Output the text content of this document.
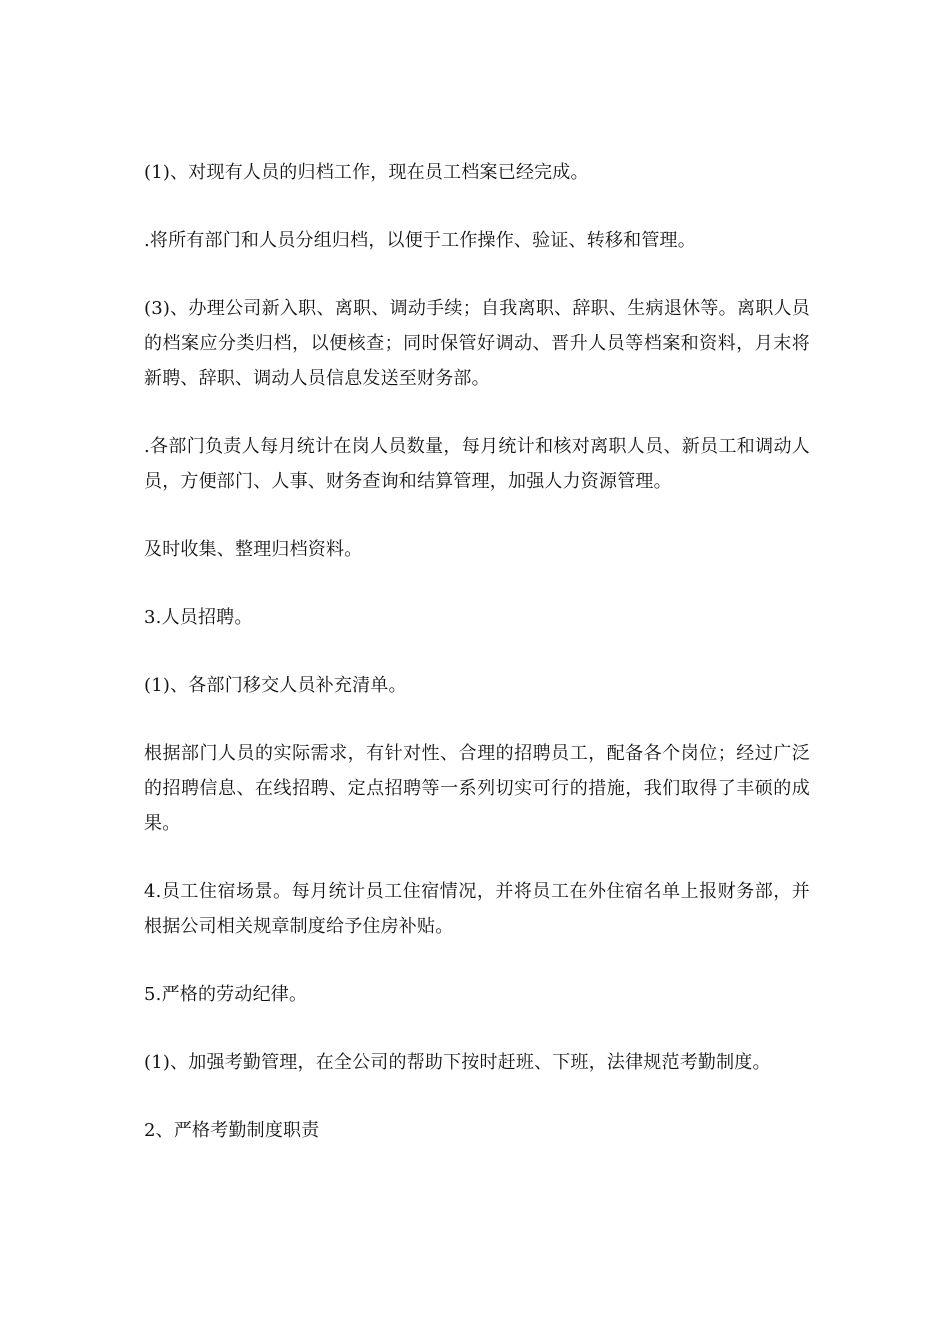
(1)、对现有人员的归档工作，现在员工档案已经完成。

.将所有部门和人员分组归档，以便于工作操作、验证、转移和管理。

(3)、办理公司新入职、离职、调动手续；自我离职、辞职、生病退休等。离职人员的档案应分类归档，以便核查；同时保管好调动、晋升人员等档案和资料，月末将新聘、辞职、调动人员信息发送至财务部。

.各部门负责人每月统计在岗人员数量，每月统计和核对离职人员、新员工和调动人员，方便部门、人事、财务查询和结算管理，加强人力资源管理。

及时收集、整理归档资料。

3.人员招聘。

(1)、各部门移交人员补充清单。

根据部门人员的实际需求，有针对性、合理的招聘员工，配备各个岗位；经过广泛的招聘信息、在线招聘、定点招聘等一系列切实可行的措施，我们取得了丰硕的成果。

4.员工住宿场景。每月统计员工住宿情况，并将员工在外住宿名单上报财务部，并根据公司相关规章制度给予住房补贴。

5.严格的劳动纪律。

(1)、加强考勤管理，在全公司的帮助下按时赶班、下班，法律规范考勤制度。

2、严格考勤制度职责
